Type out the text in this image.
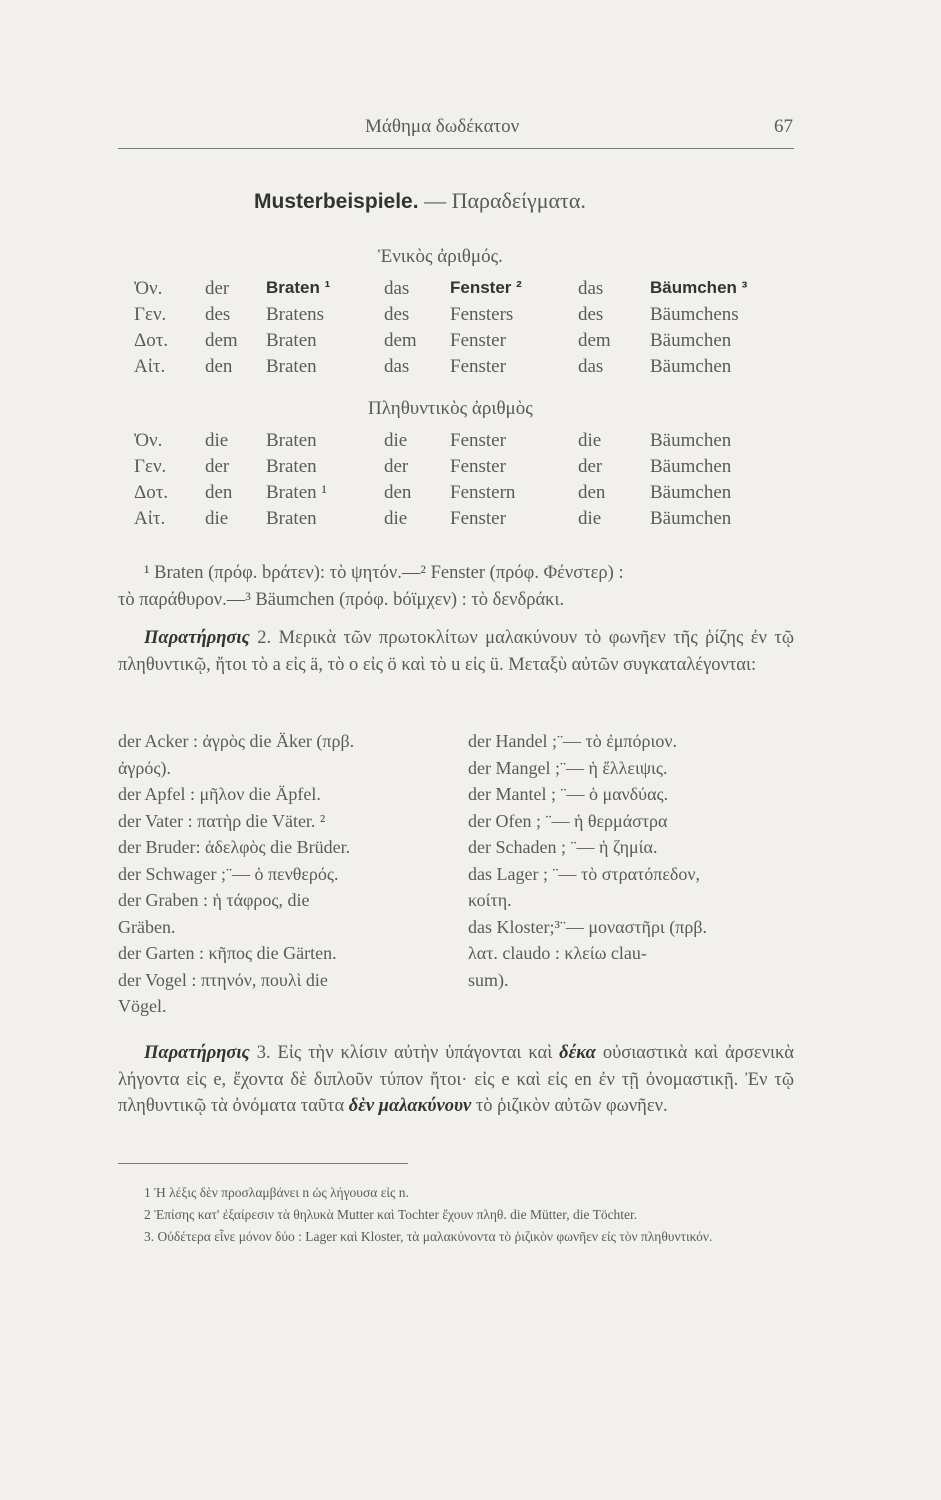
Μάθημα δωδέκατον	67
Musterbeispiele. — Παραδείγματα.
Ἑνικὸς ἀριθμός.
Ὀν. der Braten ¹	das Fenster ²	das	Bäumchen ³
Γεν. des Bratens	des Fensters	des Bäumchens
Δοτ. dem Braten	dem Fenster	dem Bäumchen
Αἰτ. den Braten	das Fenster	das Bäumchen
Πληθυντικὸς ἀριθμὸς
Ὀν. die Braten	die Fenster	die	Bäumchen
Γεν. der Braten	der Fenster	der	Bäumchen
Δοτ. den Braten ¹	den Fenstern	den Bäumchen
Αἰτ. die Braten	die Fenster	die	Bäumchen
¹ Braten (πρόφ. bράτεν): τὸ ψητόν.—² Fenster (πρόφ. Φένστερ) :
τὸ παράθυρον.—³ Bäumchen (πρόφ. bόϊμχεν) : τὸ δενδράκι.
Παρατήρησις 2. Μερικὰ τῶν πρωτοκλίτων μαλακύνουν τὸ φωνῆεν τῆς ῥίζης ἐν τῷ πληθυντικῷ, ἤτοι τὸ a εἰς ä, τὸ o εἰς ö καὶ τὸ u εἰς ü. Μεταξὺ αὐτῶν συγκαταλέγονται:
der Acker : ἀγρὸς die Äker (πρβ.
ἀγρός).
der Apfel : μῆλον die Äpfel.
der Vater : πατὴρ die Väter. ²
der Bruder: ἀδελφὸς die Brüder.
der Schwager ;¨— ὁ πενθερός.
der Graben : ἡ τάφρος, die
Gräben.
der Garten : κῆπος die Gärten.
der Vogel : πτηνόν, πουλὶ die
Vögel.
der Handel ;¨— τὸ ἐμπόριον.
der Mangel ;¨— ἡ ἔλλειψις.
der Mantel ; ¨— ὁ μανδύας.
der Ofen ; ¨— ἡ θερμάστρα
der Schaden ; ¨— ἡ ζημία.
das Lager ; ¨— τὸ στρατόπεδον,
κοίτη.
das Kloster;³¨— μοναστῆρι (πρβ.
λατ. claudo : κλείω clau-
sum).
Παρατήρησις 3. Εἰς τὴν κλίσιν αὐτὴν ὑπάγονται καὶ δέκα οὐσιαστικὰ καὶ ἀρσενικὰ λήγοντα εἰς e, ἔχοντα δὲ διπλοῦν τύπον ἤτοι· εἰς e καὶ εἰς en ἐν τῇ ὀνομαστικῇ. Ἐν τῷ πληθυντικῷ τὰ ὀνόματα ταῦτα δὲν μαλακύνουν τὸ ῥιζικὸν αὐτῶν φωνῆεν.
1 Ἡ λέξις δὲν προσλαμβάνει n ὡς λήγουσα εἰς n.
2 Ἐπίσης κατ' ἐξαίρεσιν τὰ θηλυκὰ Mutter καὶ Tochter ἔχουν πληθ. die Mütter, die Töchter.
3. Οὐδέτερα εἶνε μόνον δύο : Lager καὶ Kloster, τὰ μαλακύνοντα τὸ ῥιζικὸν φωνῆεν εἰς τὸν πληθυντικόν.
